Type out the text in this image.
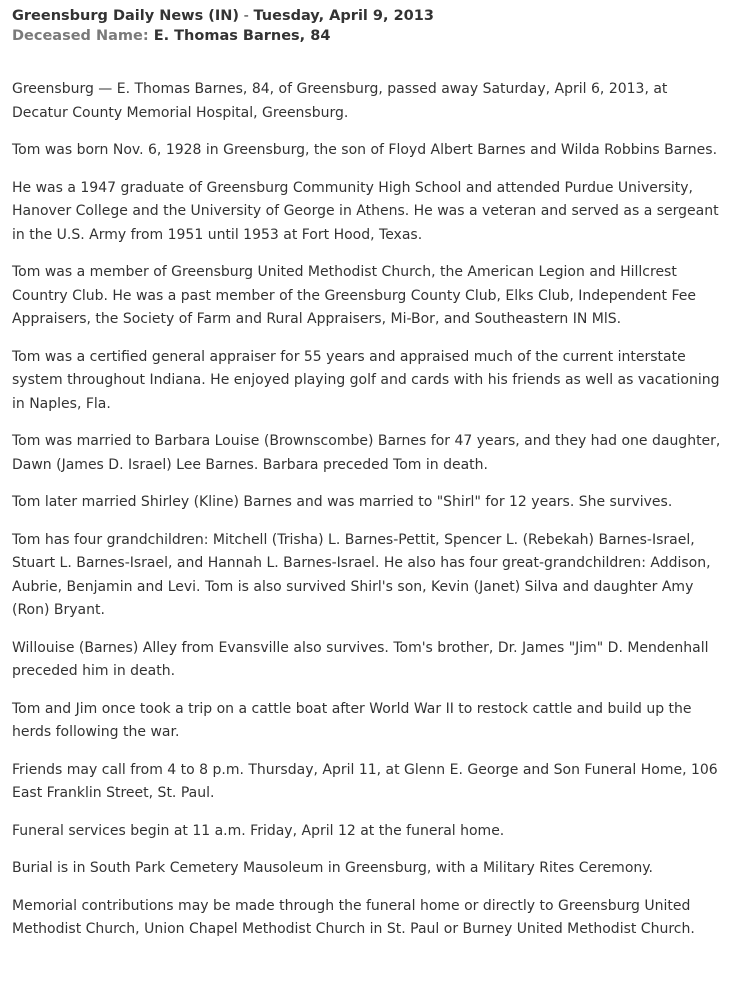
Greensburg Daily News (IN) - Tuesday, April 9, 2013
Deceased Name: E. Thomas Barnes, 84

Greensburg — E. Thomas Barnes, 84, of Greensburg, passed away Saturday, April 6, 2013, at Decatur County Memorial Hospital, Greensburg.

Tom was born Nov. 6, 1928 in Greensburg, the son of Floyd Albert Barnes and Wilda Robbins Barnes.

He was a 1947 graduate of Greensburg Community High School and attended Purdue University, Hanover College and the University of George in Athens. He was a veteran and served as a sergeant in the U.S. Army from 1951 until 1953 at Fort Hood, Texas.

Tom was a member of Greensburg United Methodist Church, the American Legion and Hillcrest Country Club. He was a past member of the Greensburg County Club, Elks Club, Independent Fee Appraisers, the Society of Farm and Rural Appraisers, Mi-Bor, and Southeastern IN MlS.

Tom was a certified general appraiser for 55 years and appraised much of the current interstate system throughout Indiana. He enjoyed playing golf and cards with his friends as well as vacationing in Naples, Fla.

Tom was married to Barbara Louise (Brownscombe) Barnes for 47 years, and they had one daughter, Dawn (James D. Israel) Lee Barnes. Barbara preceded Tom in death.

Tom later married Shirley (Kline) Barnes and was married to "Shirl" for 12 years. She survives.

Tom has four grandchildren: Mitchell (Trisha) L. Barnes-Pettit, Spencer L. (Rebekah) Barnes-Israel, Stuart L. Barnes-Israel, and Hannah L. Barnes-Israel. He also has four great-grandchildren: Addison, Aubrie, Benjamin and Levi. Tom is also survived Shirl's son, Kevin (Janet) Silva and daughter Amy (Ron) Bryant.

Willouise (Barnes) Alley from Evansville also survives. Tom's brother, Dr. James "Jim" D. Mendenhall preceded him in death.

Tom and Jim once took a trip on a cattle boat after World War II to restock cattle and build up the herds following the war.

Friends may call from 4 to 8 p.m. Thursday, April 11, at Glenn E. George and Son Funeral Home, 106 East Franklin Street, St. Paul.

Funeral services begin at 11 a.m. Friday, April 12 at the funeral home.

Burial is in South Park Cemetery Mausoleum in Greensburg, with a Military Rites Ceremony.

Memorial contributions may be made through the funeral home or directly to Greensburg United Methodist Church, Union Chapel Methodist Church in St. Paul or Burney United Methodist Church.
